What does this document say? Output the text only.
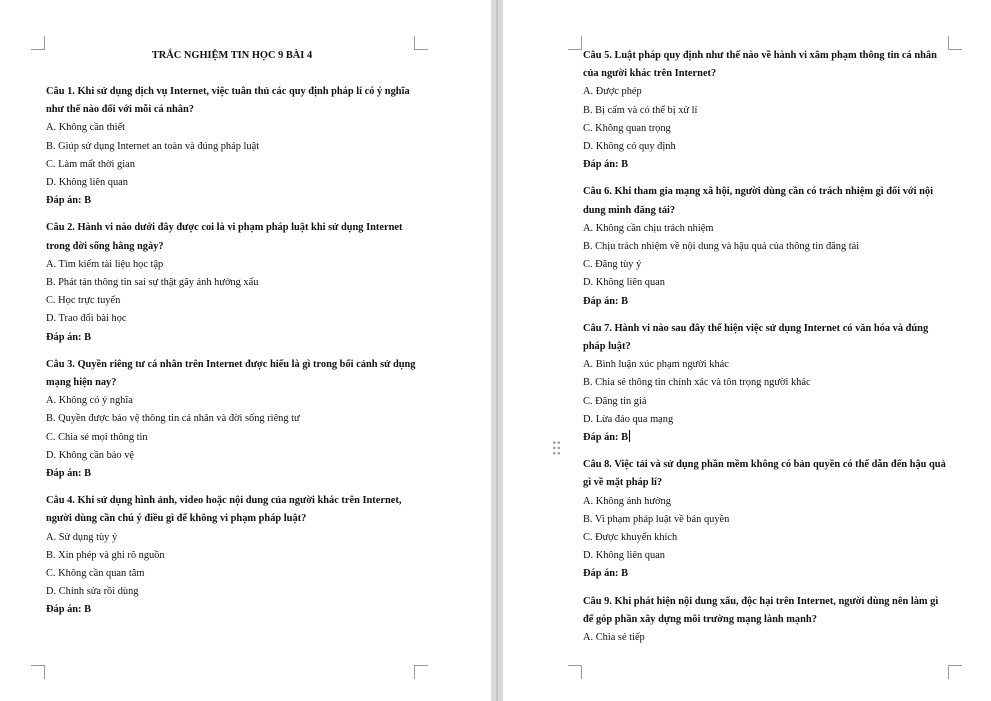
TRẮC NGHIỆM TIN HỌC 9 BÀI 4
Câu 1. Khi sử dụng dịch vụ Internet, việc tuân thủ các quy định pháp lí có ý nghĩa như thế nào đối với mỗi cá nhân?
A. Không cần thiết
B. Giúp sử dụng Internet an toàn và đúng pháp luật
C. Làm mất thời gian
D. Không liên quan
Đáp án: B
Câu 2. Hành vi nào dưới đây được coi là vi phạm pháp luật khi sử dụng Internet trong đời sống hằng ngày?
A. Tìm kiếm tài liệu học tập
B. Phát tán thông tin sai sự thật gây ảnh hưởng xấu
C. Học trực tuyến
D. Trao đổi bài học
Đáp án: B
Câu 3. Quyền riêng tư cá nhân trên Internet được hiểu là gì trong bối cảnh sử dụng mạng hiện nay?
A. Không có ý nghĩa
B. Quyền được bảo vệ thông tin cá nhân và đời sống riêng tư
C. Chia sẻ mọi thông tin
D. Không cần bảo vệ
Đáp án: B
Câu 4. Khi sử dụng hình ảnh, video hoặc nội dung của người khác trên Internet, người dùng cần chú ý điều gì để không vi phạm pháp luật?
A. Sử dụng tùy ý
B. Xin phép và ghi rõ nguồn
C. Không cần quan tâm
D. Chỉnh sửa rồi dùng
Đáp án: B
Câu 5. Luật pháp quy định như thế nào về hành vi xâm phạm thông tin cá nhân của người khác trên Internet?
A. Được phép
B. Bị cấm và có thể bị xử lí
C. Không quan trọng
D. Không có quy định
Đáp án: B
Câu 6. Khi tham gia mạng xã hội, người dùng cần có trách nhiệm gì đối với nội dung mình đăng tải?
A. Không cần chịu trách nhiệm
B. Chịu trách nhiệm về nội dung và hậu quả của thông tin đăng tải
C. Đăng tùy ý
D. Không liên quan
Đáp án: B
Câu 7. Hành vi nào sau đây thể hiện việc sử dụng Internet có văn hóa và đúng pháp luật?
A. Bình luận xúc phạm người khác
B. Chia sẻ thông tin chính xác và tôn trọng người khác
C. Đăng tin giả
D. Lừa đảo qua mạng
Đáp án: B
Câu 8. Việc tải và sử dụng phần mềm không có bản quyền có thể dẫn đến hậu quả gì về mặt pháp lí?
A. Không ảnh hưởng
B. Vi phạm pháp luật về bản quyền
C. Được khuyến khích
D. Không liên quan
Đáp án: B
Câu 9. Khi phát hiện nội dung xấu, độc hại trên Internet, người dùng nên làm gì để góp phần xây dựng môi trường mạng lành mạnh?
A. Chia sẻ tiếp
